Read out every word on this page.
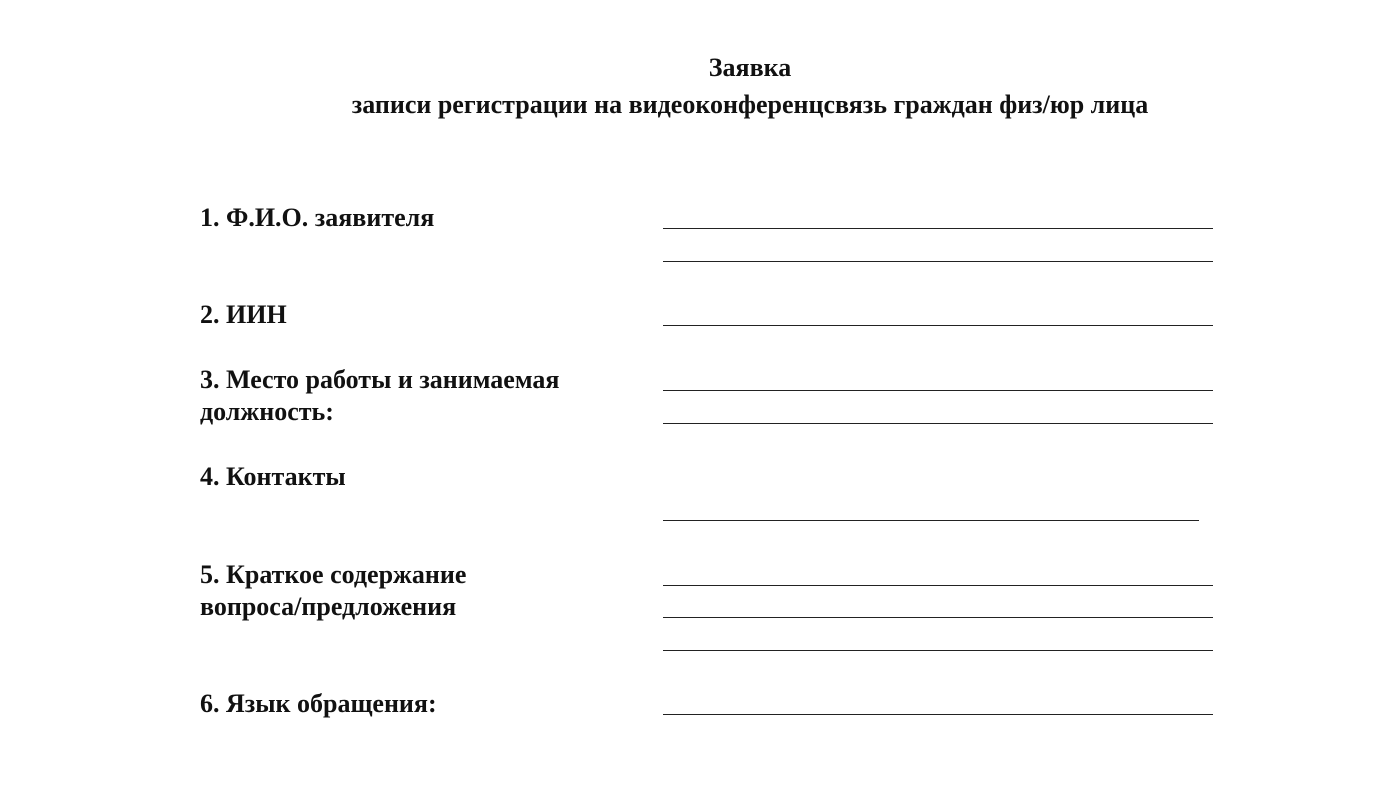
Заявка
записи регистрации на видеоконференцсвязь граждан физ/юр лица
1. Ф.И.О. заявителя
2. ИИН
3. Место работы и занимаемая
должность:
4. Контакты
5. Краткое содержание
вопроса/предложения
6. Язык обращения:
